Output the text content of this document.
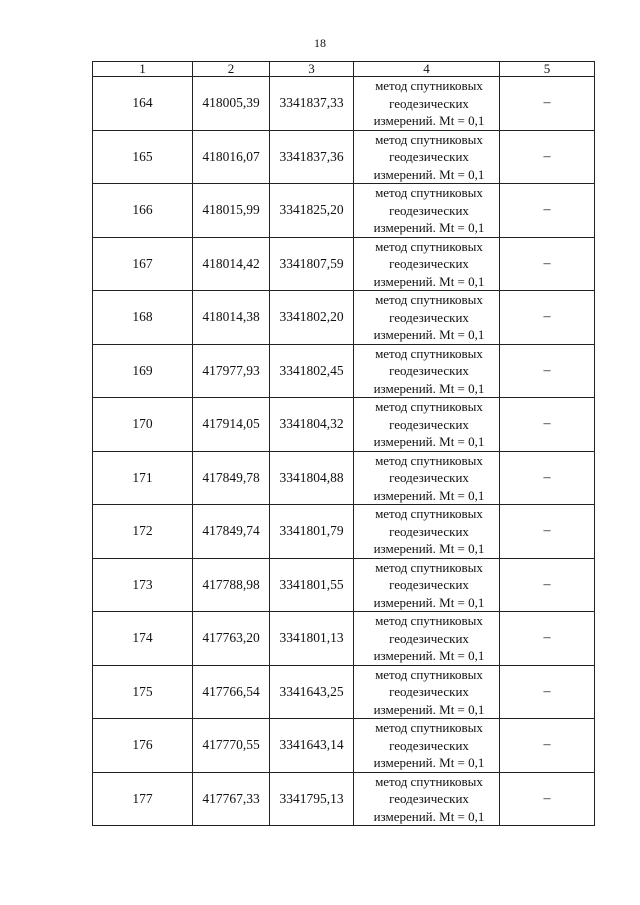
18
1	2	3	4	5
164	418005,39	3341837,33	метод спутниковых
геодезических
измерений. Mt = 0,1	–
165	418016,07	3341837,36	метод спутниковых
геодезических
измерений. Mt = 0,1	–
166	418015,99	3341825,20	метод спутниковых
геодезических
измерений. Mt = 0,1	–
167	418014,42	3341807,59	метод спутниковых
геодезических
измерений. Mt = 0,1	–
168	418014,38	3341802,20	метод спутниковых
геодезических
измерений. Mt = 0,1	–
169	417977,93	3341802,45	метод спутниковых
геодезических
измерений. Mt = 0,1	–
170	417914,05	3341804,32	метод спутниковых
геодезических
измерений. Mt = 0,1	–
171	417849,78	3341804,88	метод спутниковых
геодезических
измерений. Mt = 0,1	–
172	417849,74	3341801,79	метод спутниковых
геодезических
измерений. Mt = 0,1	–
173	417788,98	3341801,55	метод спутниковых
геодезических
измерений. Mt = 0,1	–
174	417763,20	3341801,13	метод спутниковых
геодезических
измерений. Mt = 0,1	–
175	417766,54	3341643,25	метод спутниковых
геодезических
измерений. Mt = 0,1	–
176	417770,55	3341643,14	метод спутниковых
геодезических
измерений. Mt = 0,1	–
177	417767,33	3341795,13	метод спутниковых
геодезических
измерений. Mt = 0,1	–
